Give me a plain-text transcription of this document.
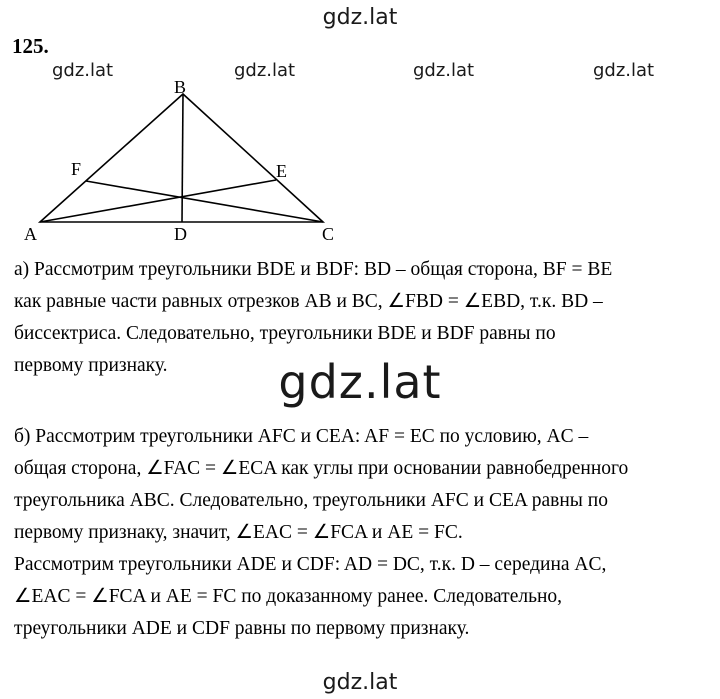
gdz.lat
125.
gdz.lat	gdz.lat	gdz.lat	gdz.lat
B
F	E
A	D	C
а) Рассмотрим треугольники BDE и BDF: BD – общая сторона, BF = BE
как равные части равных отрезков AB и BC, ∠FBD = ∠EBD, т.к. BD –
биссектриса. Следовательно, треугольники BDE и BDF равны по
первому признаку.	gdz.lat
б) Рассмотрим треугольники AFC и CEA: AF = EC по условию, AC –
общая сторона, ∠FAC = ∠ECA как углы при основании равнобедренного
треугольника ABC. Следовательно, треугольники AFC и CEA равны по
первому признаку, значит, ∠EAC = ∠FCA и AE = FC.
Рассмотрим треугольники ADE и CDF: AD = DC, т.к. D – середина AC,
∠EAC = ∠FCA и AE = FC по доказанному ранее. Следовательно,
треугольники ADE и CDF равны по первому признаку.
gdz.lat
